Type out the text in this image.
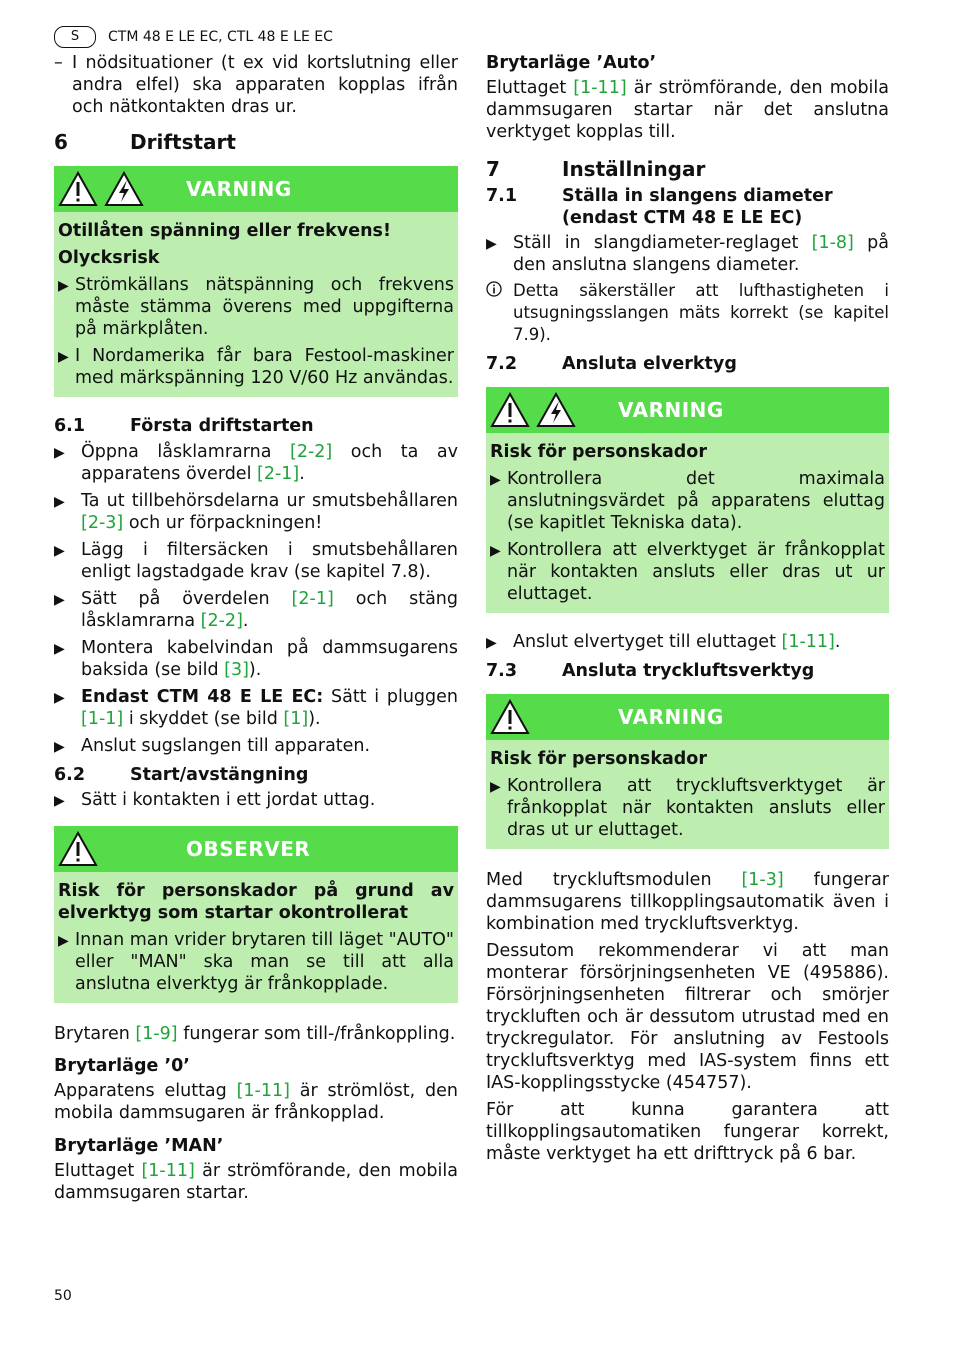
S	CTM 48 E LE EC, CTL 48 E LE EC
– I nödsituationer (t ex vid kortslutning eller andra elfel) ska apparaten kopplas ifrån och nätkontakten dras ur.

6	Driftstart
VARNING

Otillåten spänning eller frekvens!

Olycksrisk

▶ Strömkällans nätspänning och frekvens måste stämma överens med uppgifterna på märkplåten.

▶ I Nordamerika får bara Festool-maskiner med märkspänning 120 V/60 Hz användas.

6.1	Första driftstarten
▶ Öppna låsklamrarna [2-2] och ta av apparatens överdel [2-1].

▶ Ta ut tillbehörsdelarna ur smutsbehållaren [2-3] och ur förpackningen!

▶ Lägg i filtersäcken i smutsbehållaren enligt lagstadgade krav (se kapitel 7.8).

▶ Sätt på överdelen [2-1] och stäng låsklamrarna [2-2].

▶ Montera kabelvindan på dammsugarens baksida (se bild [3]).

▶ Endast CTM 48 E LE EC: Sätt i pluggen [1-1] i skyddet (se bild [1]).

▶ Anslut sugslangen till apparaten.

6.2	Start/avstängning
▶ Sätt i kontakten i ett jordat uttag.

OBSERVER

Risk för personskador på grund av elverktyg som startar okontrollerat

▶ Innan man vrider brytaren till läget "AUTO" eller "MAN" ska man se till att alla anslutna elverktyg är frånkopplade.

Brytaren [1-9] fungerar som till-/frånkoppling.

Brytarläge ’0’

Apparatens eluttag [1-11] är strömlöst, den mobila dammsugaren är frånkopplad.

Brytarläge ’MAN’

Eluttaget [1-11] är strömförande, den mobila dammsugaren startar.

Brytarläge ’Auto’

Eluttaget [1-11] är strömförande, den mobila dammsugaren startar när det anslutna verktyget kopplas till.

7	Inställningar
7.1	Ställa in slangens diameter (endast CTM 48 E LE EC)
▶ Ställ in slangdiameter-reglaget [1-8] på den anslutna slangens diameter.

Detta säkerställer att lufthastigheten i utsugningsslangen mäts korrekt (se kapitel 7.9).

7.2	Ansluta elverktyg
VARNING

Risk för personskador

▶ Kontrollera det maximala anslutningsvärdet på apparatens eluttag (se kapitlet Tekniska data).

▶ Kontrollera att elverktyget är frånkopplat när kontakten ansluts eller dras ut ur eluttaget.

▶ Anslut elvertyget till eluttaget [1-11].

7.3	Ansluta tryckluftsverktyg
VARNING

Risk för personskador

▶ Kontrollera att tryckluftsverktyget är frånkopplat när kontakten ansluts eller dras ut ur eluttaget.

Med tryckluftsmodulen [1-3] fungerar dammsugarens tillkopplingsautomatik även i kombination med tryckluftsverktyg.

Dessutom rekommenderar vi att man monterar försörjningsenheten VE (495886). Försörjningsenheten filtrerar och smörjer tryckluften och är dessutom utrustad med en tryckregulator. För anslutning av Festools tryckluftsverktyg med IAS-system finns ett IAS-kopplingsstycke (454757).

För att kunna garantera att tillkopplingsautomatiken fungerar korrekt, måste verktyget ha ett drifttryck på 6 bar.

50
